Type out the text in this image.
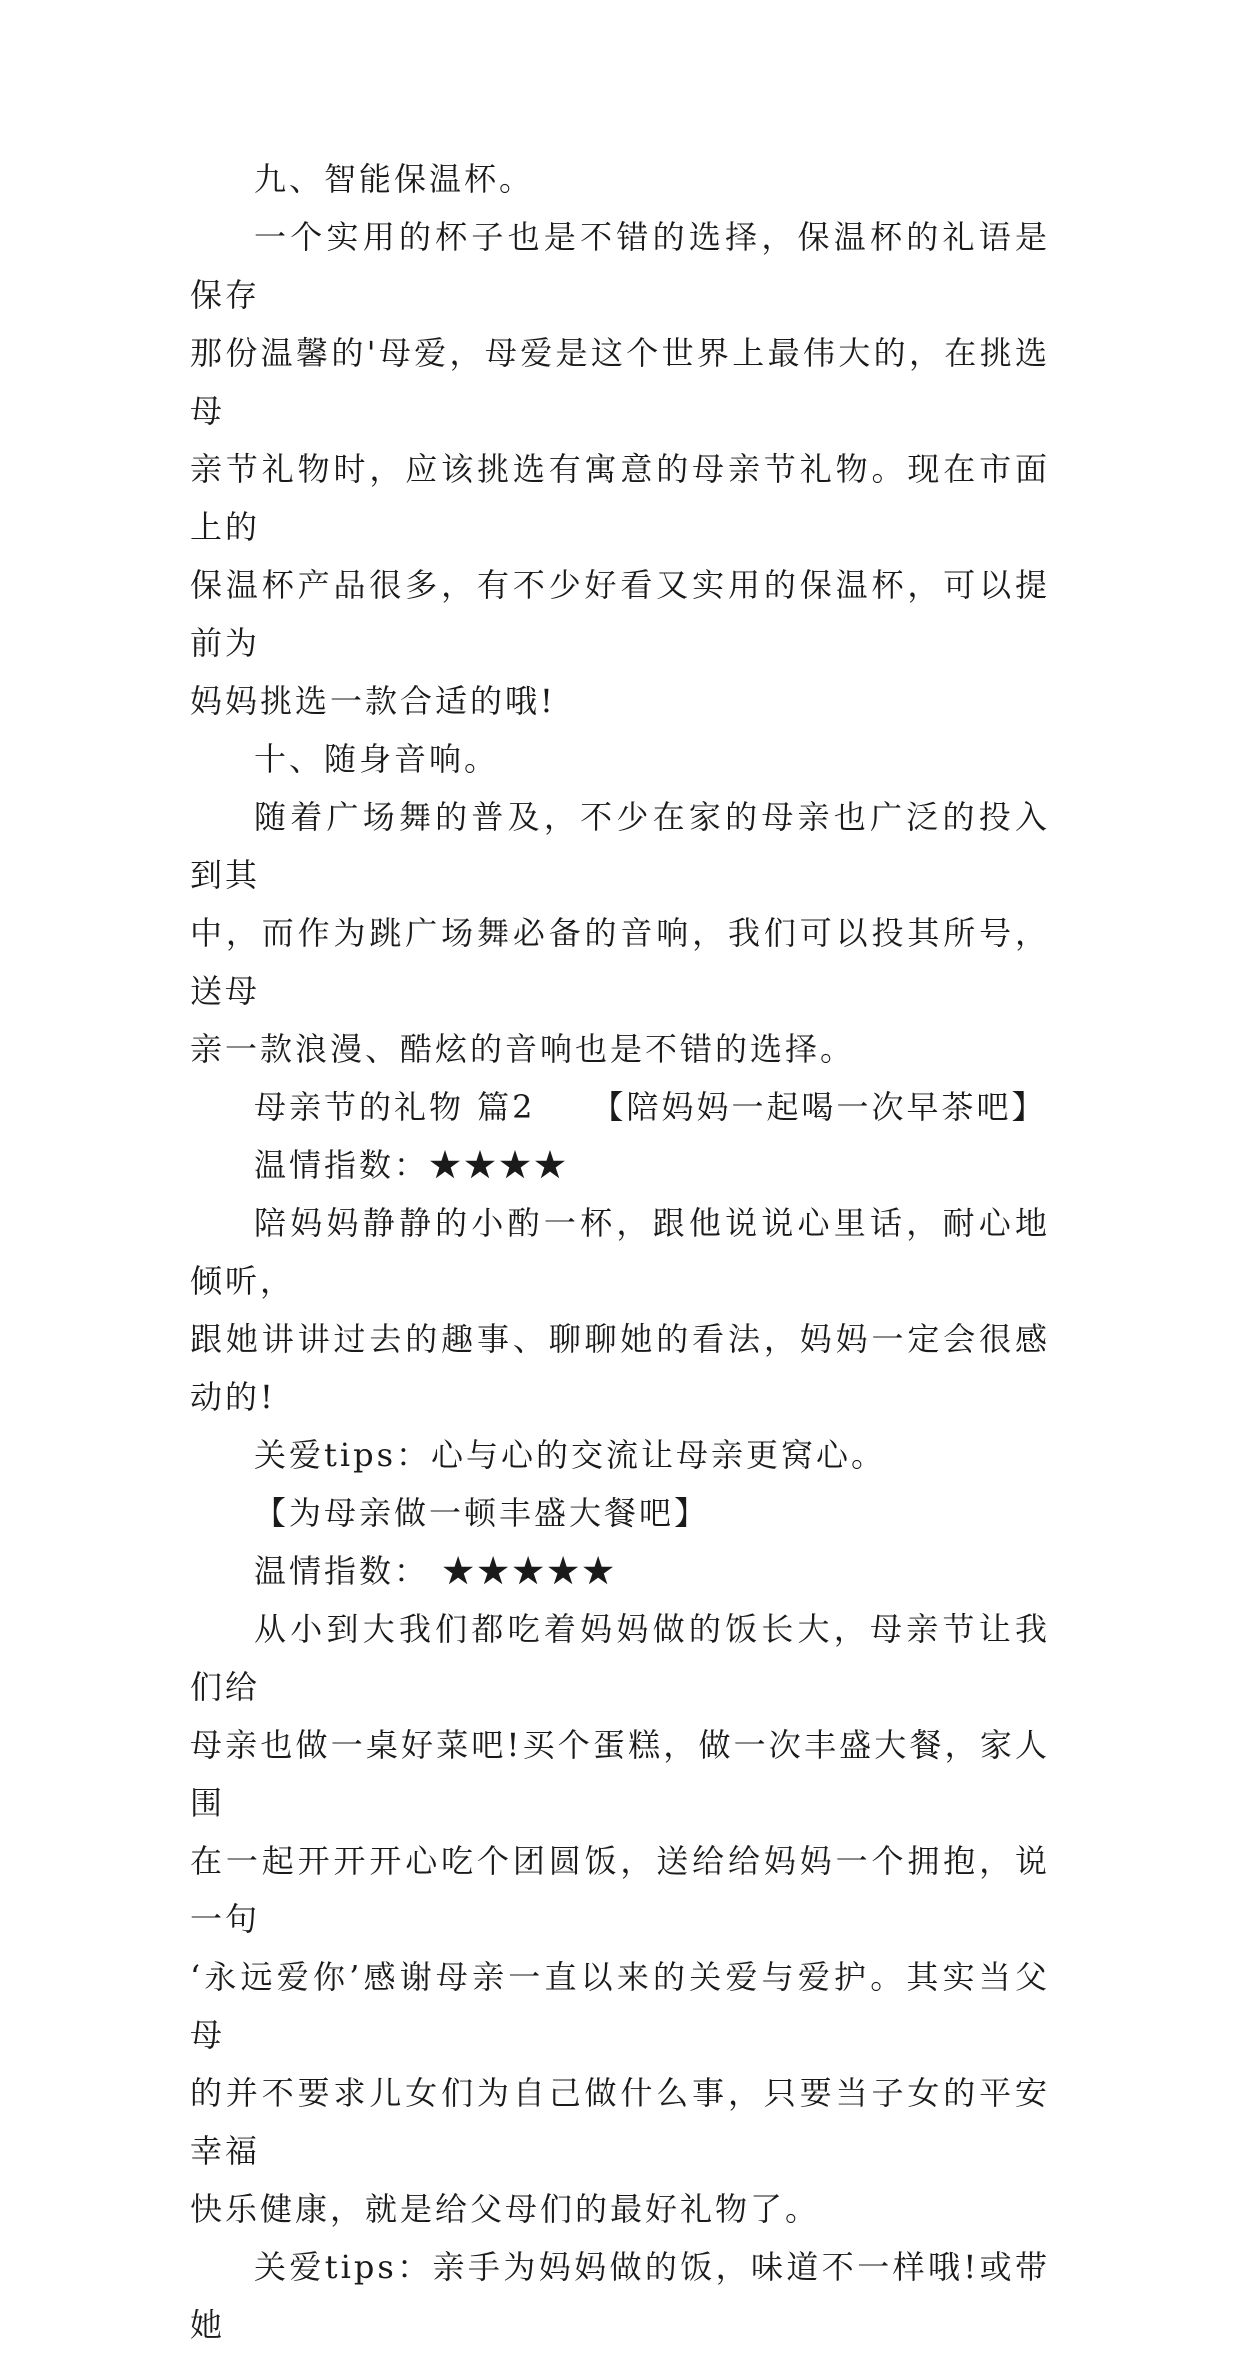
九、智能保温杯。

一个实用的杯子也是不错的选择，保温杯的礼语是保存

那份温馨的'母爱，母爱是这个世界上最伟大的，在挑选母
亲节礼物时，应该挑选有寓意的母亲节礼物。现在市面上的
保温杯产品很多，有不少好看又实用的保温杯，可以提前为
妈妈挑选一款合适的哦!

十、随身音响。

随着广场舞的普及，不少在家的母亲也广泛的投入到其

中，而作为跳广场舞必备的音响，我们可以投其所号，送母
亲一款浪漫、酷炫的音响也是不错的选择。

母亲节的礼物 篇2 【陪妈妈一起喝一次早茶吧】

温情指数：★★★★

陪妈妈静静的小酌一杯，跟他说说心里话，耐心地倾听，

跟她讲讲过去的趣事、聊聊她的看法，妈妈一定会很感动的!

关爱tips：心与心的交流让母亲更窝心。

【为母亲做一顿丰盛大餐吧】

温情指数： ★★★★★

从小到大我们都吃着妈妈做的饭长大，母亲节让我们给

母亲也做一桌好菜吧!买个蛋糕，做一次丰盛大餐，家人围
在一起开开开心吃个团圆饭，送给给妈妈一个拥抱，说一句
‘永远爱你’感谢母亲一直以来的关爱与爱护。其实当父母
的并不要求儿女们为自己做什么事，只要当子女的平安幸福
快乐健康，就是给父母们的最好礼物了。

关爱tips：亲手为妈妈做的饭，味道不一样哦!或带她
